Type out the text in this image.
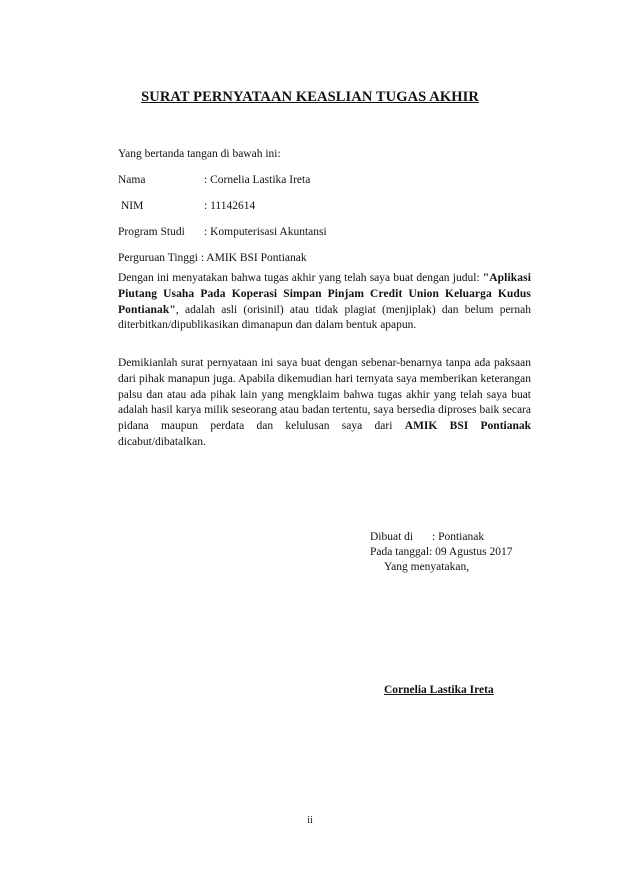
SURAT PERNYATAAN KEASLIAN TUGAS AKHIR
Yang bertanda tangan di bawah ini:
Nama	: Cornelia Lastika Ireta
NIM	: 11142614
Program Studi : Komputerisasi Akuntansi
Perguruan Tinggi : AMIK BSI Pontianak
Dengan ini menyatakan bahwa tugas akhir yang telah saya buat dengan judul: "Aplikasi Piutang Usaha Pada Koperasi Simpan Pinjam Credit Union Keluarga Kudus Pontianak", adalah asli (orisinil) atau tidak plagiat (menjiplak) dan belum pernah diterbitkan/dipublikasikan dimanapun dan dalam bentuk apapun.
Demikianlah surat pernyataan ini saya buat dengan sebenar-benarnya tanpa ada paksaan dari pihak manapun juga. Apabila dikemudian hari ternyata saya memberikan keterangan palsu dan atau ada pihak lain yang mengklaim bahwa tugas akhir yang telah saya buat adalah hasil karya milik seseorang atau badan tertentu, saya bersedia diproses baik secara pidana maupun perdata dan kelulusan saya dari AMIK BSI Pontianak dicabut/dibatalkan.
Dibuat di : Pontianak
Pada tanggal: 09 Agustus 2017
Yang menyatakan,
Cornelia Lastika Ireta
ii
